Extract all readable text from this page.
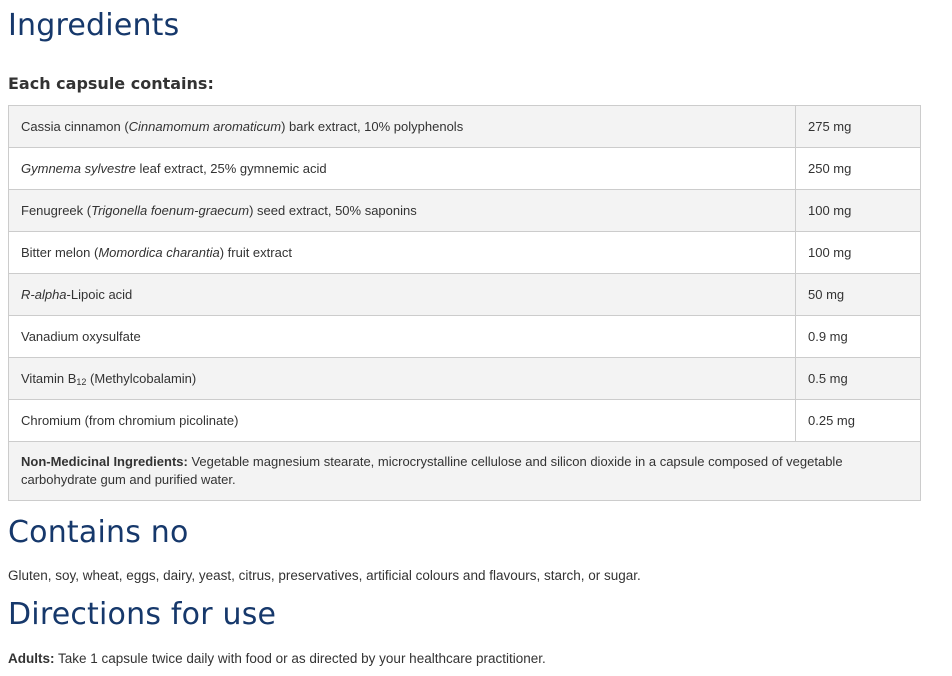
Ingredients
Each capsule contains:
Cassia cinnamon (Cinnamomum aromaticum) bark extract, 10% polyphenols	275 mg
Gymnema sylvestre leaf extract, 25% gymnemic acid	250 mg
Fenugreek (Trigonella foenum-graecum) seed extract, 50% saponins	100 mg
Bitter melon (Momordica charantia) fruit extract	100 mg
R-alpha-Lipoic acid	50 mg
Vanadium oxysulfate	0.9 mg
Vitamin $B_{12}$ (Methylcobalamin)	0.5 mg
Chromium (from chromium picolinate)	0.25 mg
Non-Medicinal Ingredients: Vegetable magnesium stearate, microcrystalline cellulose and silicon dioxide in a capsule composed of vegetable carbohydrate gum and purified water.	
Contains no
Gluten, soy, wheat, eggs, dairy, yeast, citrus, preservatives, artificial colours and flavours, starch, or sugar.
Directions for use
Adults: Take 1 capsule twice daily with food or as directed by your healthcare practitioner.
